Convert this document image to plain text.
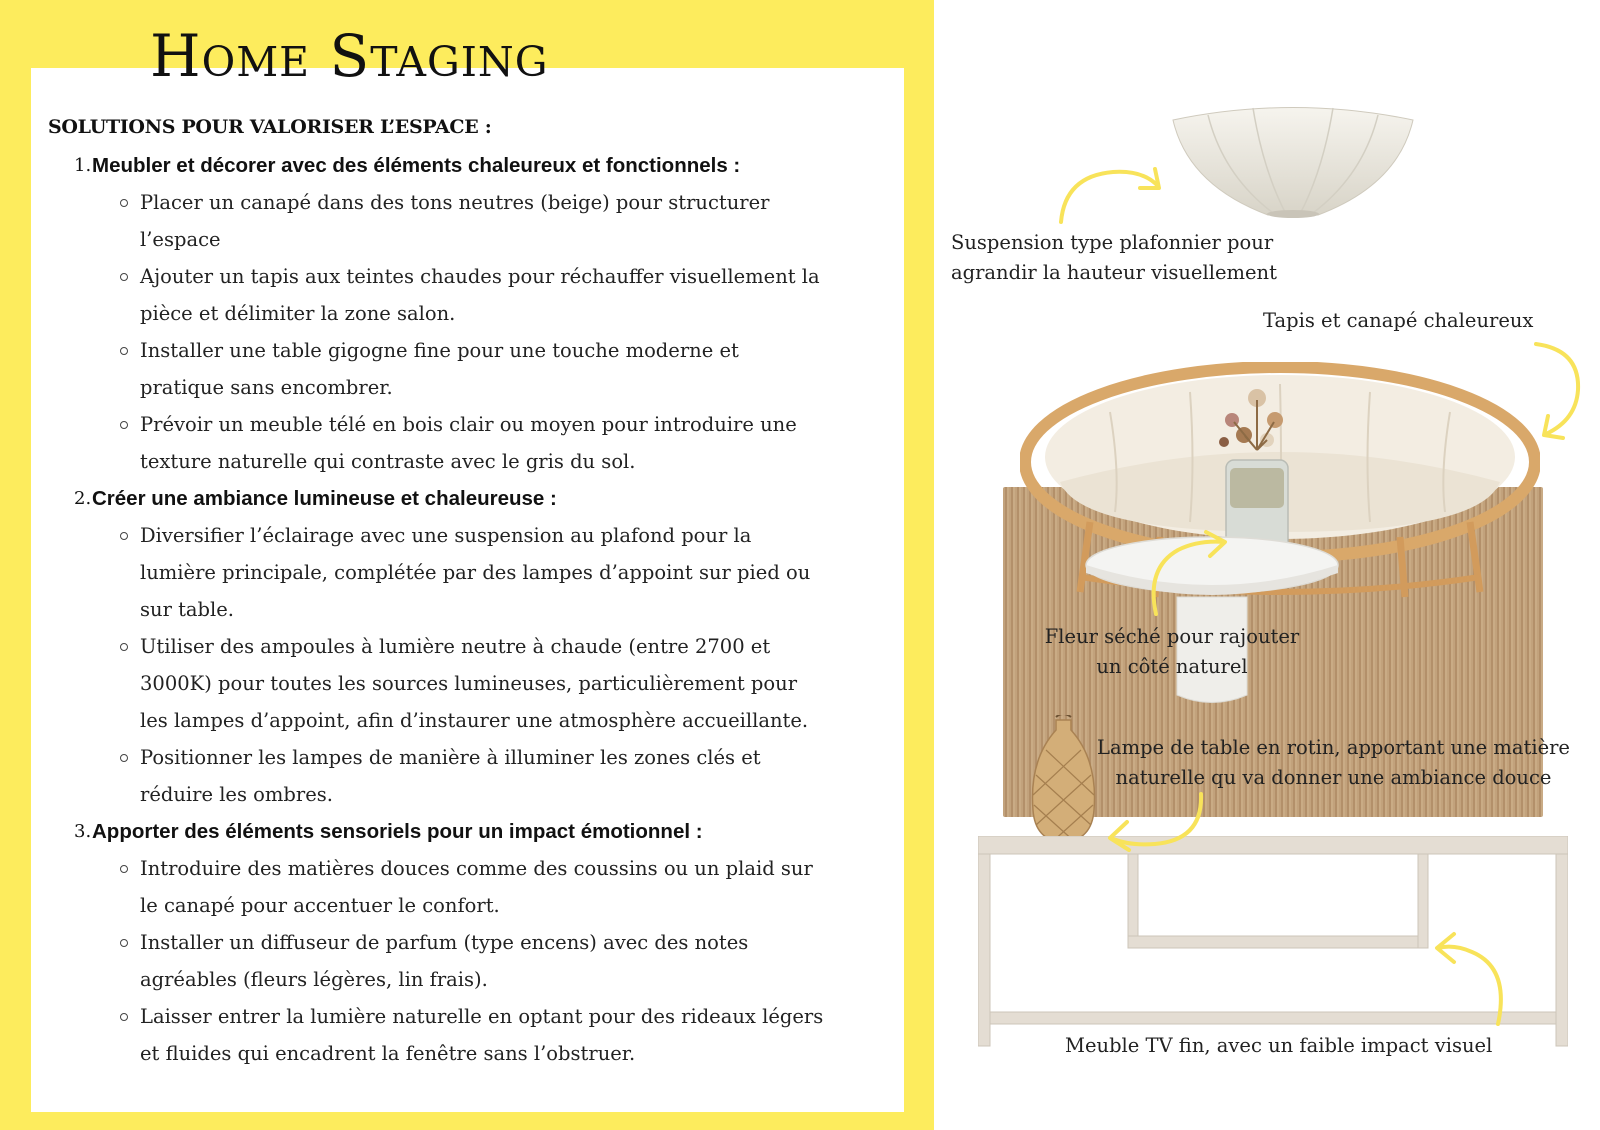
Home Staging
SOLUTIONS POUR VALORISER L’ESPACE :
1. Meubler et décorer avec des éléments chaleureux et fonctionnels :
Placer un canapé dans des tons neutres (beige) pour structurer
l’espace
Ajouter un tapis aux teintes chaudes pour réchauffer visuellement la
pièce et délimiter la zone salon.
Installer une table gigogne fine pour une touche moderne et
pratique sans encombrer.
Prévoir un meuble télé en bois clair ou moyen pour introduire une
texture naturelle qui contraste avec le gris du sol.
2. Créer une ambiance lumineuse et chaleureuse :
Diversifier l’éclairage avec une suspension au plafond pour la
lumière principale, complétée par des lampes d’appoint sur pied ou
sur table.
Utiliser des ampoules à lumière neutre à chaude (entre 2700 et
3000K) pour toutes les sources lumineuses, particulièrement pour
les lampes d’appoint, afin d’instaurer une atmosphère accueillante.
Positionner les lampes de manière à illuminer les zones clés et
réduire les ombres.
3. Apporter des éléments sensoriels pour un impact émotionnel :
Introduire des matières douces comme des coussins ou un plaid sur
le canapé pour accentuer le confort.
Installer un diffuseur de parfum (type encens) avec des notes
agréables (fleurs légères, lin frais).
Laisser entrer la lumière naturelle en optant pour des rideaux légers
et fluides qui encadrent la fenêtre sans l’obstruer.
Suspension type plafonnier pour
agrandir la hauteur visuellement
Tapis et canapé chaleureux
Fleur séché pour rajouter
un côté naturel
Lampe de table en rotin, apportant une matière
naturelle qu va donner une ambiance douce
Meuble TV fin, avec un faible impact visuel
